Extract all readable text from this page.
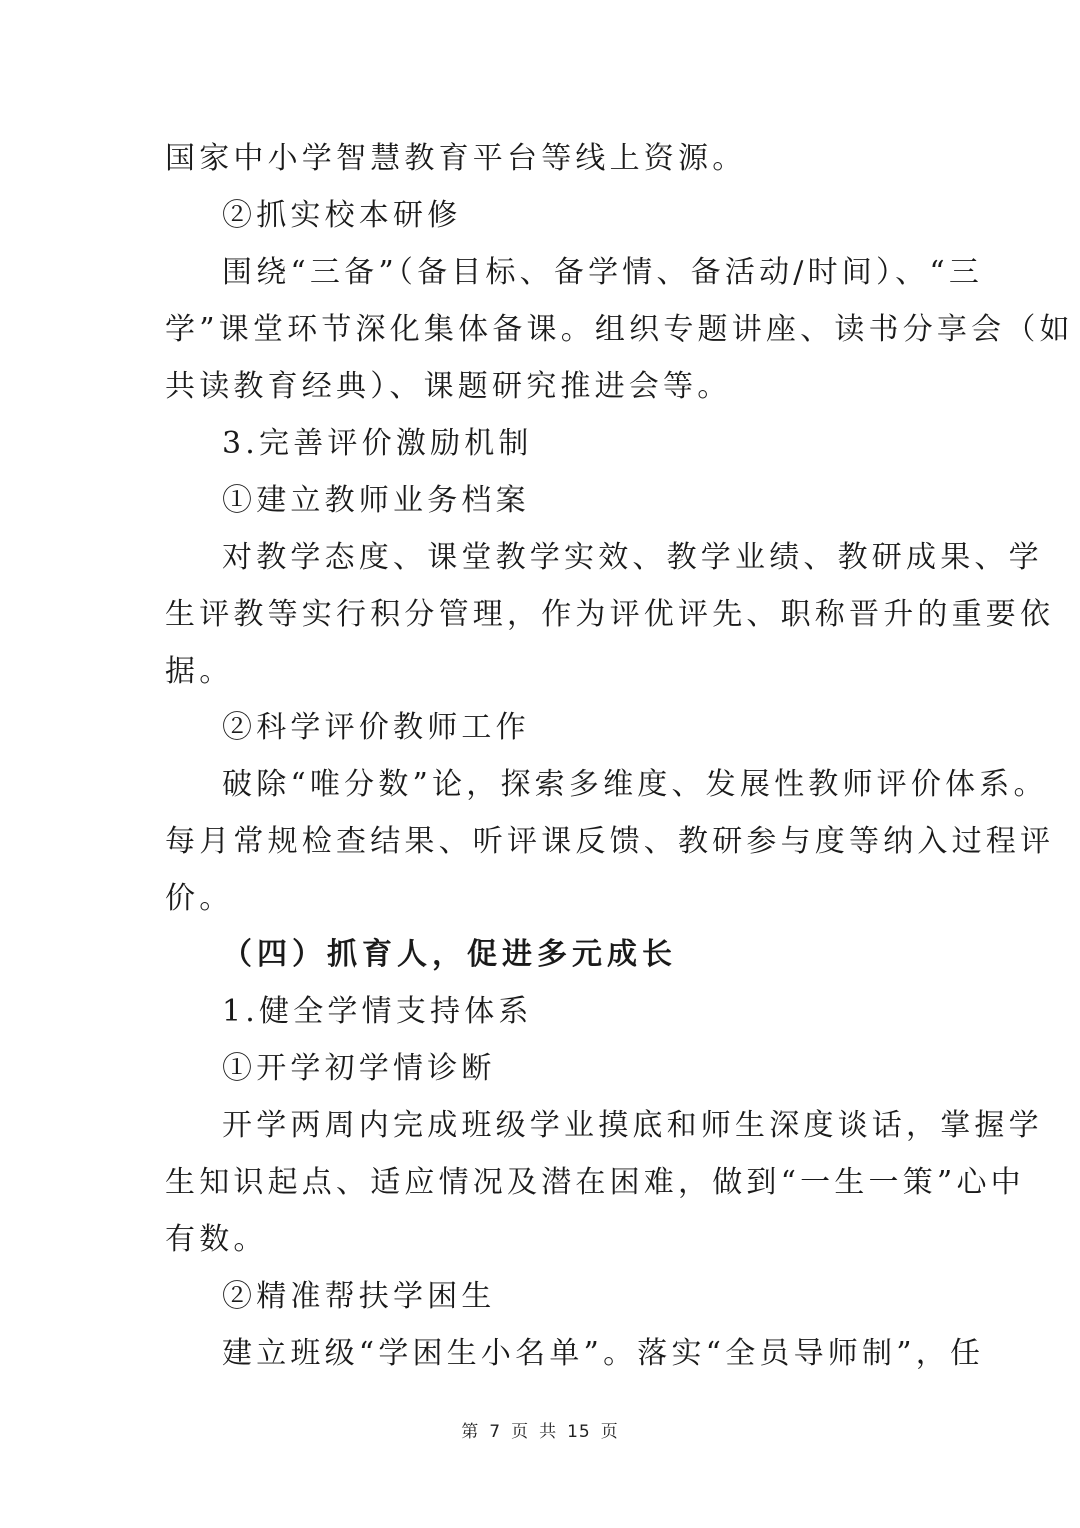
国家中小学智慧教育平台等线上资源。
②抓实校本研修
围绕“三备”（备目标、备学情、备活动/时间）、“三
学”课堂环节深化集体备课。组织专题讲座、读书分享会（如
共读教育经典）、课题研究推进会等。
3.完善评价激励机制
①建立教师业务档案
对教学态度、课堂教学实效、教学业绩、教研成果、学
生评教等实行积分管理，作为评优评先、职称晋升的重要依
据。
②科学评价教师工作
破除“唯分数”论，探索多维度、发展性教师评价体系。
每月常规检查结果、听评课反馈、教研参与度等纳入过程评
价。
（四）抓育人，促进多元成长
1.健全学情支持体系
①开学初学情诊断
开学两周内完成班级学业摸底和师生深度谈话，掌握学
生知识起点、适应情况及潜在困难，做到“一生一策”心中
有数。
②精准帮扶学困生
建立班级“学困生小名单”。落实“全员导师制”，任
第 7 页 共 15 页
